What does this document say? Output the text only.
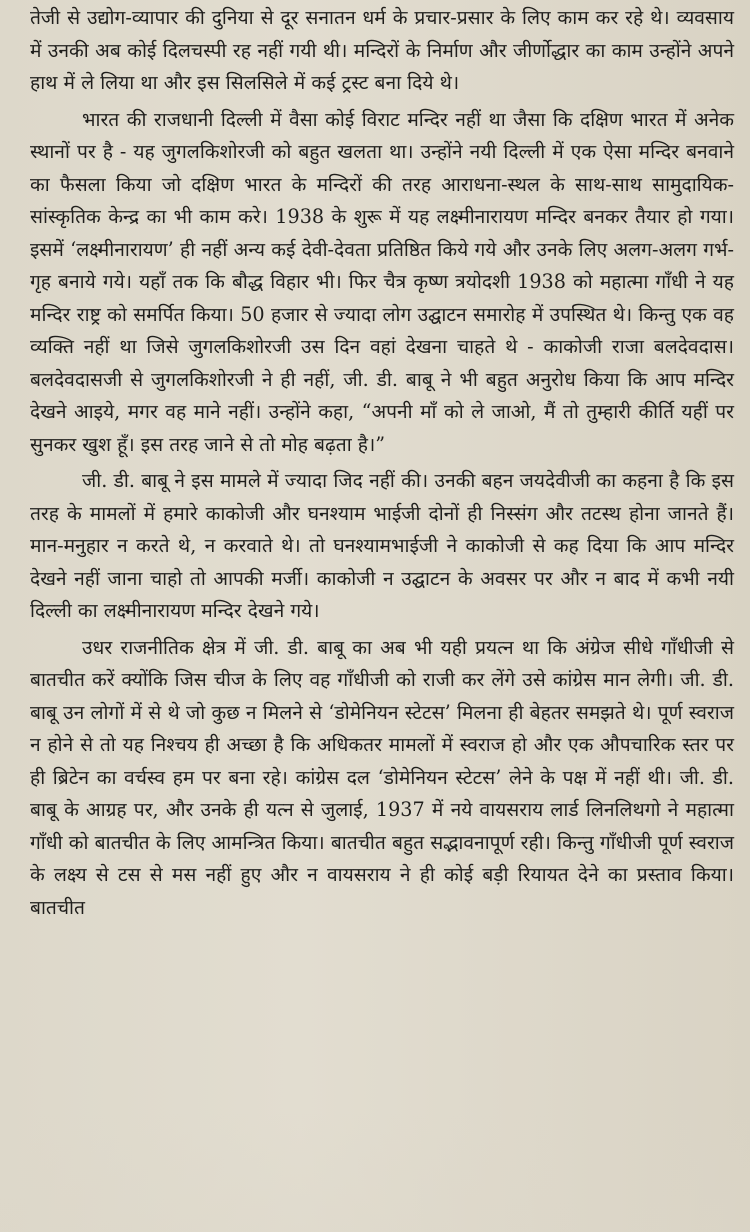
तेजी से उद्योग-व्यापार की दुनिया से दूर सनातन धर्म के प्रचार-प्रसार के लिए काम कर रहे थे। व्यवसाय में उनकी अब कोई दिलचस्पी रह नहीं गयी थी। मन्दिरों के निर्माण और जीर्णोद्धार का काम उन्होंने अपने हाथ में ले लिया था और इस सिलसिले में कई ट्रस्ट बना दिये थे।

भारत की राजधानी दिल्ली में वैसा कोई विराट मन्दिर नहीं था जैसा कि दक्षिण भारत में अनेक स्थानों पर है - यह जुगलकिशोरजी को बहुत खलता था। उन्होंने नयी दिल्ली में एक ऐसा मन्दिर बनवाने का फैसला किया जो दक्षिण भारत के मन्दिरों की तरह आराधना-स्थल के साथ-साथ सामुदायिक-सांस्कृतिक केन्द्र का भी काम करे। 1938 के शुरू में यह लक्ष्मीनारायण मन्दिर बनकर तैयार हो गया। इसमें ‘लक्ष्मीनारायण’ ही नहीं अन्य कई देवी-देवता प्रतिष्ठित किये गये और उनके लिए अलग-अलग गर्भ-गृह बनाये गये। यहाँ तक कि बौद्ध विहार भी। फिर चैत्र कृष्ण त्रयोदशी 1938 को महात्मा गाँधी ने यह मन्दिर राष्ट्र को समर्पित किया। 50 हजार से ज्यादा लोग उद्घाटन समारोह में उपस्थित थे। किन्तु एक वह व्यक्ति नहीं था जिसे जुगलकिशोरजी उस दिन वहां देखना चाहते थे - काकोजी राजा बलदेवदास। बलदेवदासजी से जुगलकिशोरजी ने ही नहीं, जी. डी. बाबू ने भी बहुत अनुरोध किया कि आप मन्दिर देखने आइये, मगर वह माने नहीं। उन्होंने कहा, “अपनी माँ को ले जाओ, मैं तो तुम्हारी कीर्ति यहीं पर सुनकर खुश हूँ। इस तरह जाने से तो मोह बढ़ता है।”

जी. डी. बाबू ने इस मामले में ज्यादा जिद नहीं की। उनकी बहन जयदेवीजी का कहना है कि इस तरह के मामलों में हमारे काकोजी और घनश्याम भाईजी दोनों ही निस्संग और तटस्थ होना जानते हैं। मान-मनुहार न करते थे, न करवाते थे। तो घनश्यामभाईजी ने काकोजी से कह दिया कि आप मन्दिर देखने नहीं जाना चाहो तो आपकी मर्जी। काकोजी न उद्घाटन के अवसर पर और न बाद में कभी नयी दिल्ली का लक्ष्मीनारायण मन्दिर देखने गये।

उधर राजनीतिक क्षेत्र में जी. डी. बाबू का अब भी यही प्रयत्न था कि अंग्रेज सीधे गाँधीजी से बातचीत करें क्योंकि जिस चीज के लिए वह गाँधीजी को राजी कर लेंगे उसे कांग्रेस मान लेगी। जी. डी. बाबू उन लोगों में से थे जो कुछ न मिलने से ‘डोमेनियन स्टेटस’ मिलना ही बेहतर समझते थे। पूर्ण स्वराज न होने से तो यह निश्चय ही अच्छा है कि अधिकतर मामलों में स्वराज हो और एक औपचारिक स्तर पर ही ब्रिटेन का वर्चस्व हम पर बना रहे। कांग्रेस दल ‘डोमेनियन स्टेटस’ लेने के पक्ष में नहीं थी। जी. डी. बाबू के आग्रह पर, और उनके ही यत्न से जुलाई, 1937 में नये वायसराय लार्ड लिनलिथगो ने महात्मा गाँधी को बातचीत के लिए आमन्त्रित किया। बातचीत बहुत सद्भावनापूर्ण रही। किन्तु गाँधीजी पूर्ण स्वराज के लक्ष्य से टस से मस नहीं हुए और न वायसराय ने ही कोई बड़ी रियायत देने का प्रस्ताव किया। बातचीत
